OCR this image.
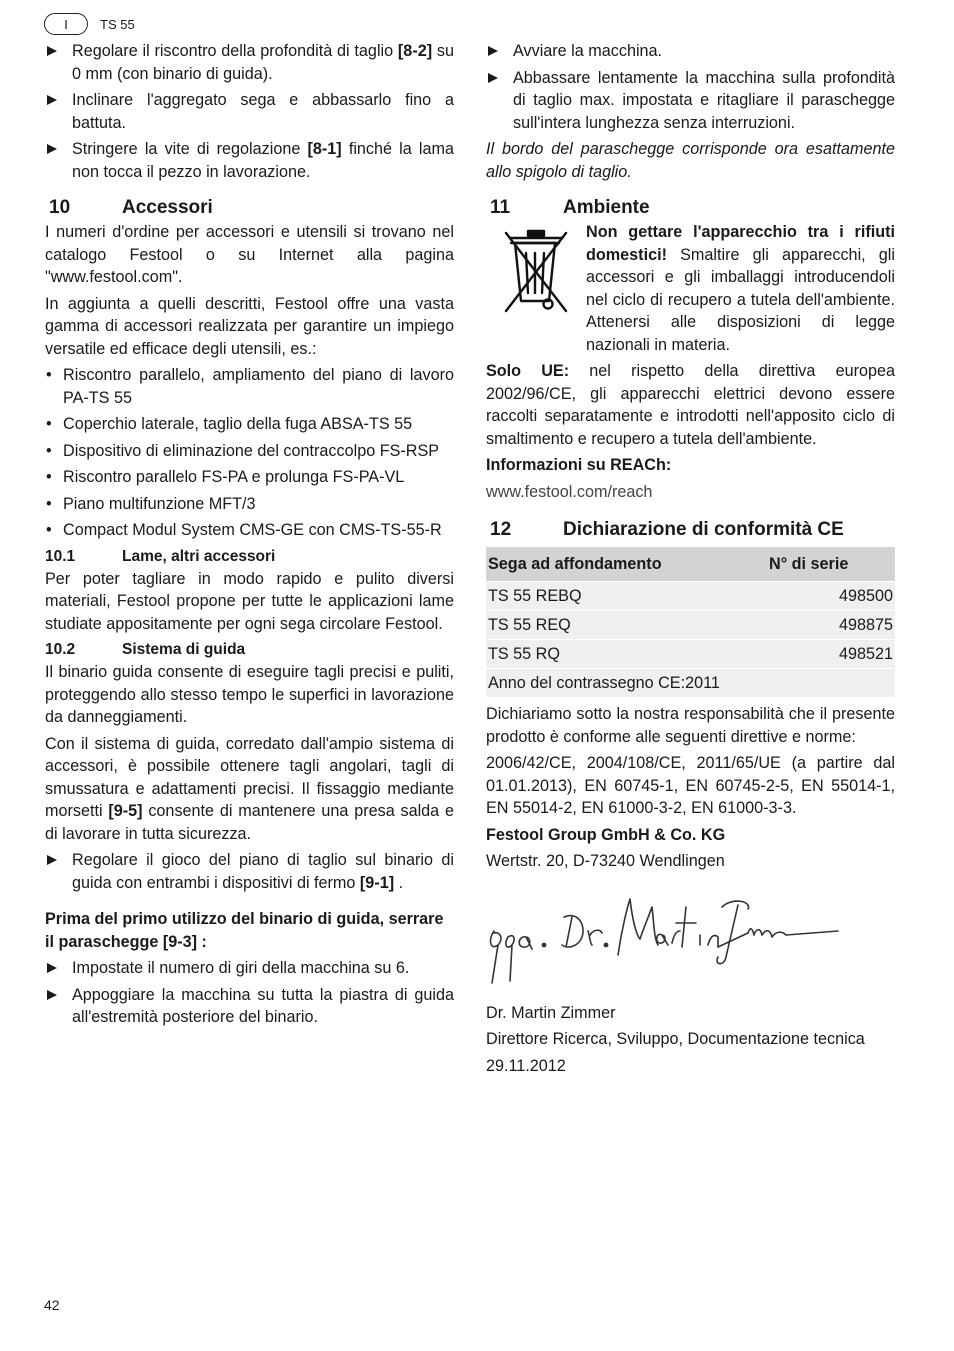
I	TS 55

Regolare il riscontro della profondità di taglio [8-2] su 0 mm (con binario di guida).

Inclinare l'aggregato sega e abbassarlo fino a battuta.

Stringere la vite di regolazione [8-1] finché la lama non tocca il pezzo in lavorazione.

10	Accessori

I numeri d'ordine per accessori e utensili si trovano nel catalogo Festool o su Internet alla pagina "www.festool.com".

In aggiunta a quelli descritti, Festool offre una vasta gamma di accessori realizzata per garantire un impiego versatile ed efficace degli utensili, es.:

• Riscontro parallelo, ampliamento del piano di lavoro PA-TS 55

• Coperchio laterale, taglio della fuga ABSA-TS 55

• Dispositivo di eliminazione del contraccolpo FS-RSP

• Riscontro parallelo FS-PA e prolunga FS-PA-VL

• Piano multifunzione MFT/3

• Compact Modul System CMS-GE con CMS-TS-55-R

10.1	Lame, altri accessori

Per poter tagliare in modo rapido e pulito diversi materiali, Festool propone per tutte le applicazioni lame studiate appositamente per ogni sega circolare Festool.

10.2	Sistema di guida

Il binario guida consente di eseguire tagli precisi e puliti, proteggendo allo stesso tempo le superfici in lavorazione da danneggiamenti.

Con il sistema di guida, corredato dall'ampio sistema di accessori, è possibile ottenere tagli angolari, tagli di smussatura e adattamenti precisi. Il fissaggio mediante morsetti [9-5] consente di mantenere una presa salda e di lavorare in tutta sicurezza.

Regolare il gioco del piano di taglio sul binario di guida con entrambi i dispositivi di fermo [9-1] .

Prima del primo utilizzo del binario di guida, serrare il paraschegge [9-3] :

Impostate il numero di giri della macchina su 6.

Appoggiare la macchina su tutta la piastra di guida all'estremità posteriore del binario.

Avviare la macchina.

Abbassare lentamente la macchina sulla profondità di taglio max. impostata e ritagliare il paraschegge sull'intera lunghezza senza interruzioni.

Il bordo del paraschegge corrisponde ora esattamente allo spigolo di taglio.

11	Ambiente

Non gettare l'apparecchio tra i rifiuti domestici! Smaltire gli apparecchi, gli accessori e gli imballaggi introducendoli nel ciclo di recupero a tutela dell'ambiente. Attenersi alle disposizioni di legge nazionali in materia.

Solo UE: nel rispetto della direttiva europea 2002/96/CE, gli apparecchi elettrici devono essere raccolti separatamente e introdotti nell'apposito ciclo di smaltimento e recupero a tutela dell'ambiente.

Informazioni su REACh:

www.festool.com/reach

12	Dichiarazione di conformità CE
Sega ad affondamento	N° di serie
TS 55 REBQ	498500
TS 55 REQ	498875
TS 55 RQ	498521
Anno del contrassegno CE:2011	

Dichiariamo sotto la nostra responsabilità che il presente prodotto è conforme alle seguenti direttive e norme:

2006/42/CE, 2004/108/CE, 2011/65/UE (a partire dal 01.01.2013), EN 60745-1, EN 60745-2-5, EN 55014-1, EN 55014-2, EN 61000-3-2, EN 61000-3-3.

Festool Group GmbH & Co. KG

Wertstr. 20, D-73240 Wendlingen

Dr. Martin Zimmer

Direttore Ricerca, Sviluppo, Documentazione tecnica

29.11.2012

42
